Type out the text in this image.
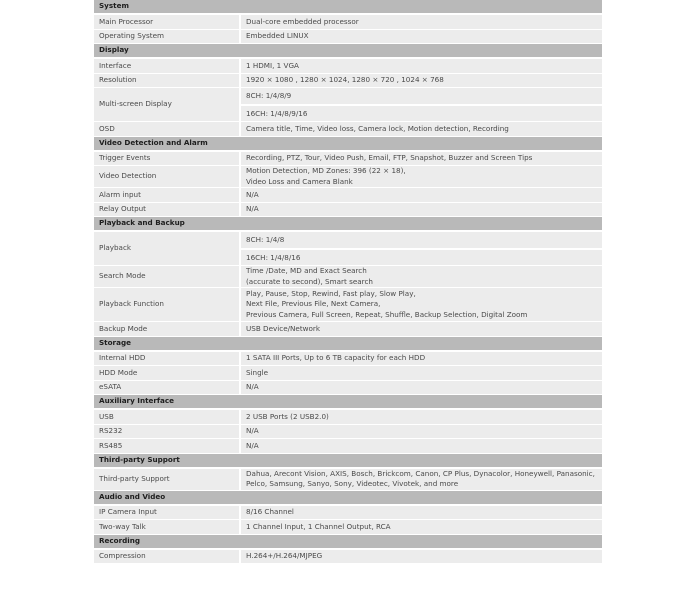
System	
Main Processor	Dual-core embedded processor

Operating System	Embedded LINUX

Display	
Interface	1 HDMI, 1 VGA

Resolution	1920 × 1080 , 1280 × 1024, 1280 × 720 , 1024 × 768

Multi-screen Display	8CH: 1/4/8/9
16CH: 1/4/8/9/16

OSD	Camera title, Time, Video loss, Camera lock, Motion detection, Recording

Video Detection and Alarm	
Trigger Events	Recording, PTZ, Tour, Video Push, Email, FTP, Snapshot, Buzzer and Screen Tips

Video Detection	Motion Detection, MD Zones: 396 (22 × 18),
Video Loss and Camera Blank

Alarm input	N/A

Relay Output	N/A

Playback and Backup	
Playback	8CH: 1/4/8
16CH: 1/4/8/16

Search Mode	Time /Date, MD and Exact Search
(accurate to second), Smart search

Playback Function	Play, Pause, Stop, Rewind, Fast play, Slow Play,
Next File, Previous File, Next Camera,
Previous Camera, Full Screen, Repeat, Shuffle, Backup Selection, Digital Zoom

Backup Mode	USB Device/Network

Storage	
Internal HDD	1 SATA III Ports, Up to 6 TB capacity for each HDD

HDD Mode	Single

eSATA	N/A

Auxiliary Interface	
USB	2 USB Ports (2 USB2.0)

RS232	N/A

RS485	N/A

Third-party Support	
Third-party Support	Dahua, Arecont Vision, AXIS, Bosch, Brickcom, Canon, CP Plus, Dynacolor, Honeywell, Panasonic,
Pelco, Samsung, Sanyo, Sony, Videotec, Vivotek, and more

Audio and Video	
IP Camera Input	8/16 Channel

Two-way Talk	1 Channel Input, 1 Channel Output, RCA

Recording	
Compression	H.264+/H.264/MJPEG
